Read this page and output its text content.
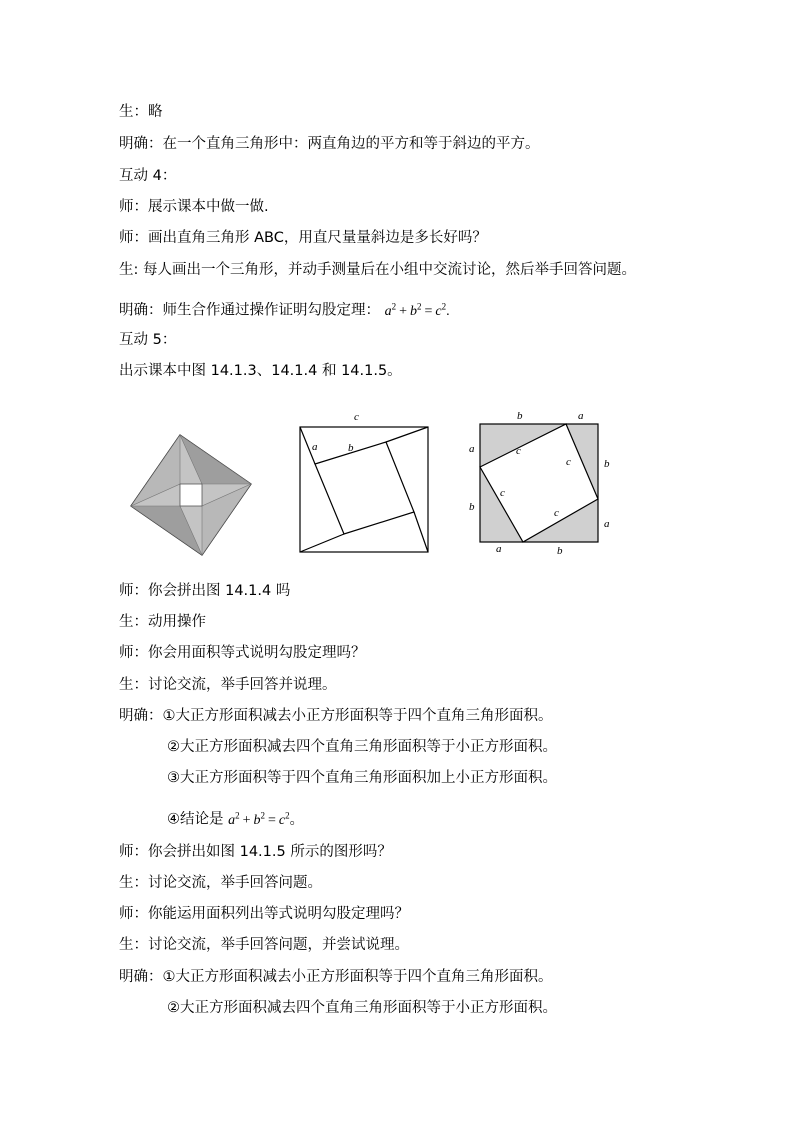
生：略
明确：在一个直角三角形中：两直角边的平方和等于斜边的平方。
互动 4：
师：展示课本中做一做.
师：画出直角三角形 ABC，用直尺量量斜边是多长好吗？
生: 每人画出一个三角形，并动手测量后在小组中交流讨论，然后举手回答问题。
明确：师生合作通过操作证明勾股定理： $a^2 + b^2 = c^2$.
互动 5：
出示课本中图 14.1.3、14.1.4 和 14.1.5。
c
a	b
b	a
a
b
b
a
a	b
c
c
c
c
师：你会拼出图 14.1.4 吗
生：动用操作
师：你会用面积等式说明勾股定理吗？
生：讨论交流，举手回答并说理。
明确：①大正方形面积减去小正方形面积等于四个直角三角形面积。
②大正方形面积减去四个直角三角形面积等于小正方形面积。
③大正方形面积等于四个直角三角形面积加上小正方形面积。
④结论是 $a^2 + b^2 = c^2$。
师：你会拼出如图 14.1.5 所示的图形吗？
生：讨论交流，举手回答问题。
师：你能运用面积列出等式说明勾股定理吗？
生：讨论交流，举手回答问题，并尝试说理。
明确：①大正方形面积减去小正方形面积等于四个直角三角形面积。
②大正方形面积减去四个直角三角形面积等于小正方形面积。
